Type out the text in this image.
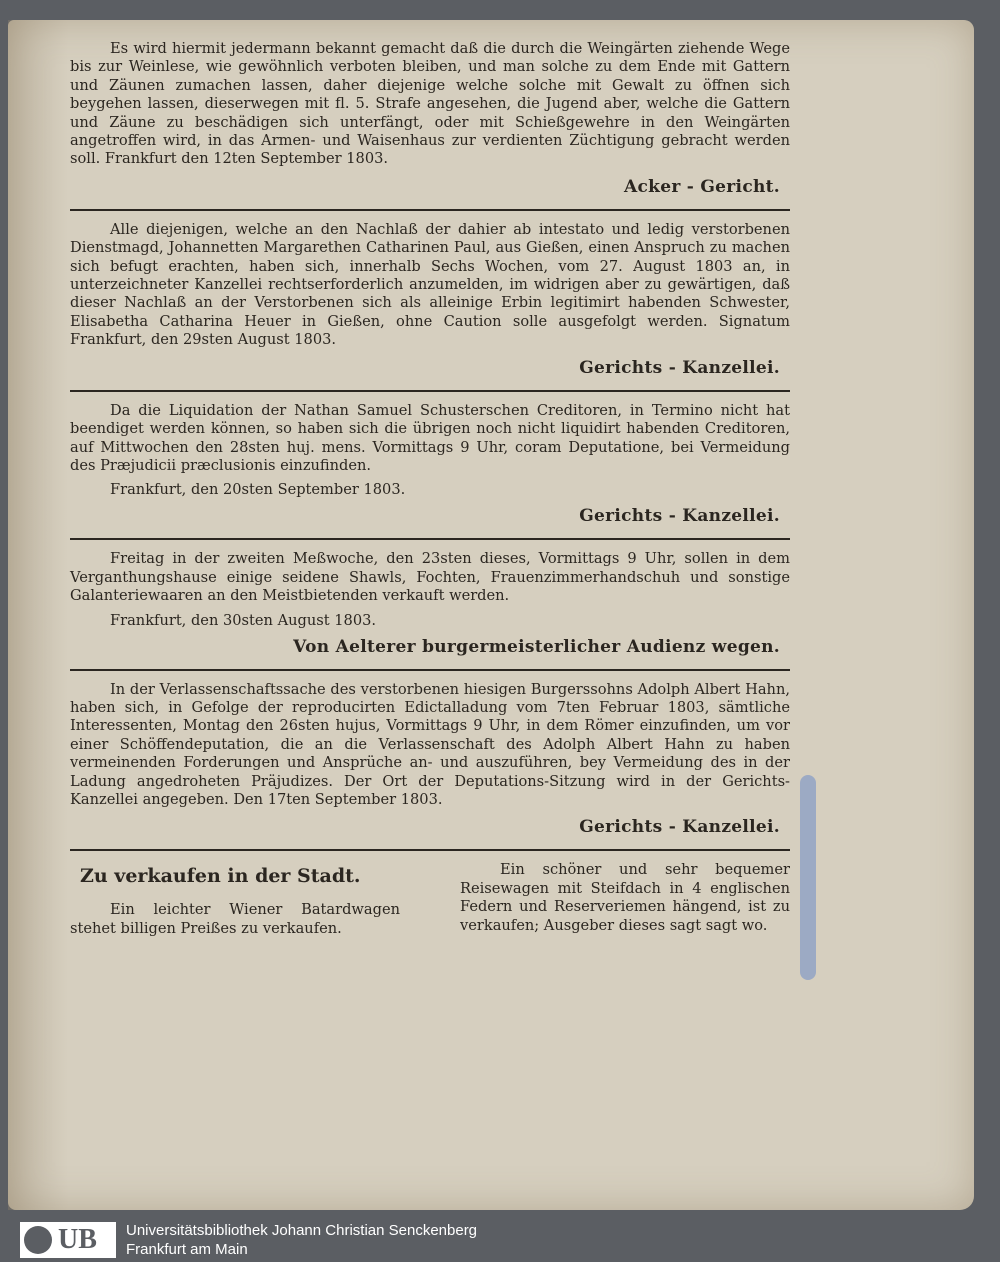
Es wird hiermit jedermann bekannt gemacht daß die durch die Weingärten ziehende Wege bis zur Weinlese, wie gewöhnlich verboten bleiben, und man solche zu dem Ende mit Gattern und Zäunen zumachen lassen, daher diejenige welche solche mit Gewalt zu öffnen sich beygehen lassen, dieserwegen mit fl. 5. Strafe angesehen, die Jugend aber, welche die Gattern und Zäune zu beschädigen sich unterfängt, oder mit Schießgewehre in den Weingärten angetroffen wird, in das Armen- und Waisenhaus zur verdienten Züchtigung gebracht werden soll. Frankfurt den 12ten September 1803.

Acker - Gericht.

Alle diejenigen, welche an den Nachlaß der dahier ab intestato und ledig verstorbenen Dienstmagd, Johannetten Margarethen Catharinen Paul, aus Gießen, einen Anspruch zu machen sich befugt erachten, haben sich, innerhalb Sechs Wochen, vom 27. August 1803 an, in unterzeichneter Kanzellei rechtserforderlich anzumelden, im widrigen aber zu gewärtigen, daß dieser Nachlaß an der Verstorbenen sich als alleinige Erbin legitimirt habenden Schwester, Elisabetha Catharina Heuer in Gießen, ohne Caution solle ausgefolgt werden. Signatum Frankfurt, den 29sten August 1803.

Gerichts - Kanzellei.

Da die Liquidation der Nathan Samuel Schusterschen Creditoren, in Termino nicht hat beendiget werden können, so haben sich die übrigen noch nicht liquidirt habenden Creditoren, auf Mittwochen den 28sten huj. mens. Vormittags 9 Uhr, coram Deputatione, bei Vermeidung des Præjudicii præclusionis einzufinden.

Frankfurt, den 20sten September 1803.
Gerichts - Kanzellei.

Freitag in der zweiten Meßwoche, den 23sten dieses, Vormittags 9 Uhr, sollen in dem Verganthungshause einige seidene Shawls, Fochten, Frauenzimmerhandschuh und sonstige Galanteriewaaren an den Meistbietenden verkauft werden.

Frankfurt, den 30sten August 1803.
Von Aelterer burgermeisterlicher Audienz wegen.

In der Verlassenschaftssache des verstorbenen hiesigen Burgerssohns Adolph Albert Hahn, haben sich, in Gefolge der reproducirten Edictalladung vom 7ten Februar 1803, sämtliche Interessenten, Montag den 26sten hujus, Vormittags 9 Uhr, in dem Römer einzufinden, um vor einer Schöffendeputation, die an die Verlassenschaft des Adolph Albert Hahn zu haben vermeinenden Forderungen und Ansprüche an- und auszuführen, bey Vermeidung des in der Ladung angedroheten Präjudizes. Der Ort der Deputations-Sitzung wird in der Gerichts-Kanzellei angegeben. Den 17ten September 1803.

Gerichts - Kanzellei.
Zu verkaufen in der Stadt.

Ein leichter Wiener Batardwagen stehet billigen Preißes zu verkaufen.

Ein schöner und sehr bequemer Reisewagen mit Steifdach in 4 englischen Federn und Reserveriemen hängend, ist zu verkaufen; Ausgeber dieses sagt sagt wo.

UB Universitätsbibliothek Johann Christian Senckenberg
Frankfurt am Main
